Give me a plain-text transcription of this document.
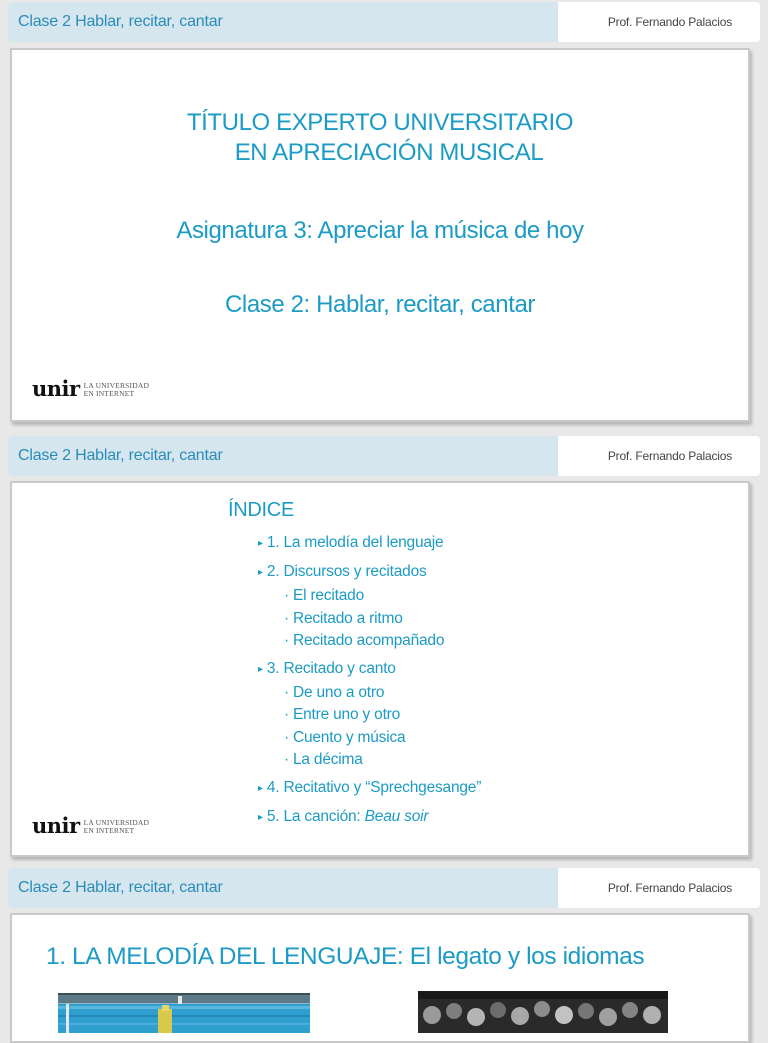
Clase 2 Hablar, recitar, cantar	Prof. Fernando Palacios
TÍTULO EXPERTO UNIVERSITARIO
EN APRECIACIÓN MUSICAL
Asignatura 3: Apreciar la música de hoy
Clase 2: Hablar, recitar, cantar
unir LA UNIVERSIDAD
EN INTERNET
Clase 2 Hablar, recitar, cantar	Prof. Fernando Palacios
ÍNDICE
▸ 1. La melodía del lenguaje
▸ 2. Discursos y recitados
· El recitado
· Recitado a ritmo
· Recitado acompañado
▸ 3. Recitado y canto
· De uno a otro
· Entre uno y otro
· Cuento y música
· La décima
▸ 4. Recitativo y “Sprechgesange”
▸ 5. La canción: Beau soir
unir LA UNIVERSIDAD
EN INTERNET
Clase 2 Hablar, recitar, cantar	Prof. Fernando Palacios
1. LA MELODÍA DEL LENGUAJE: El legato y los idiomas
